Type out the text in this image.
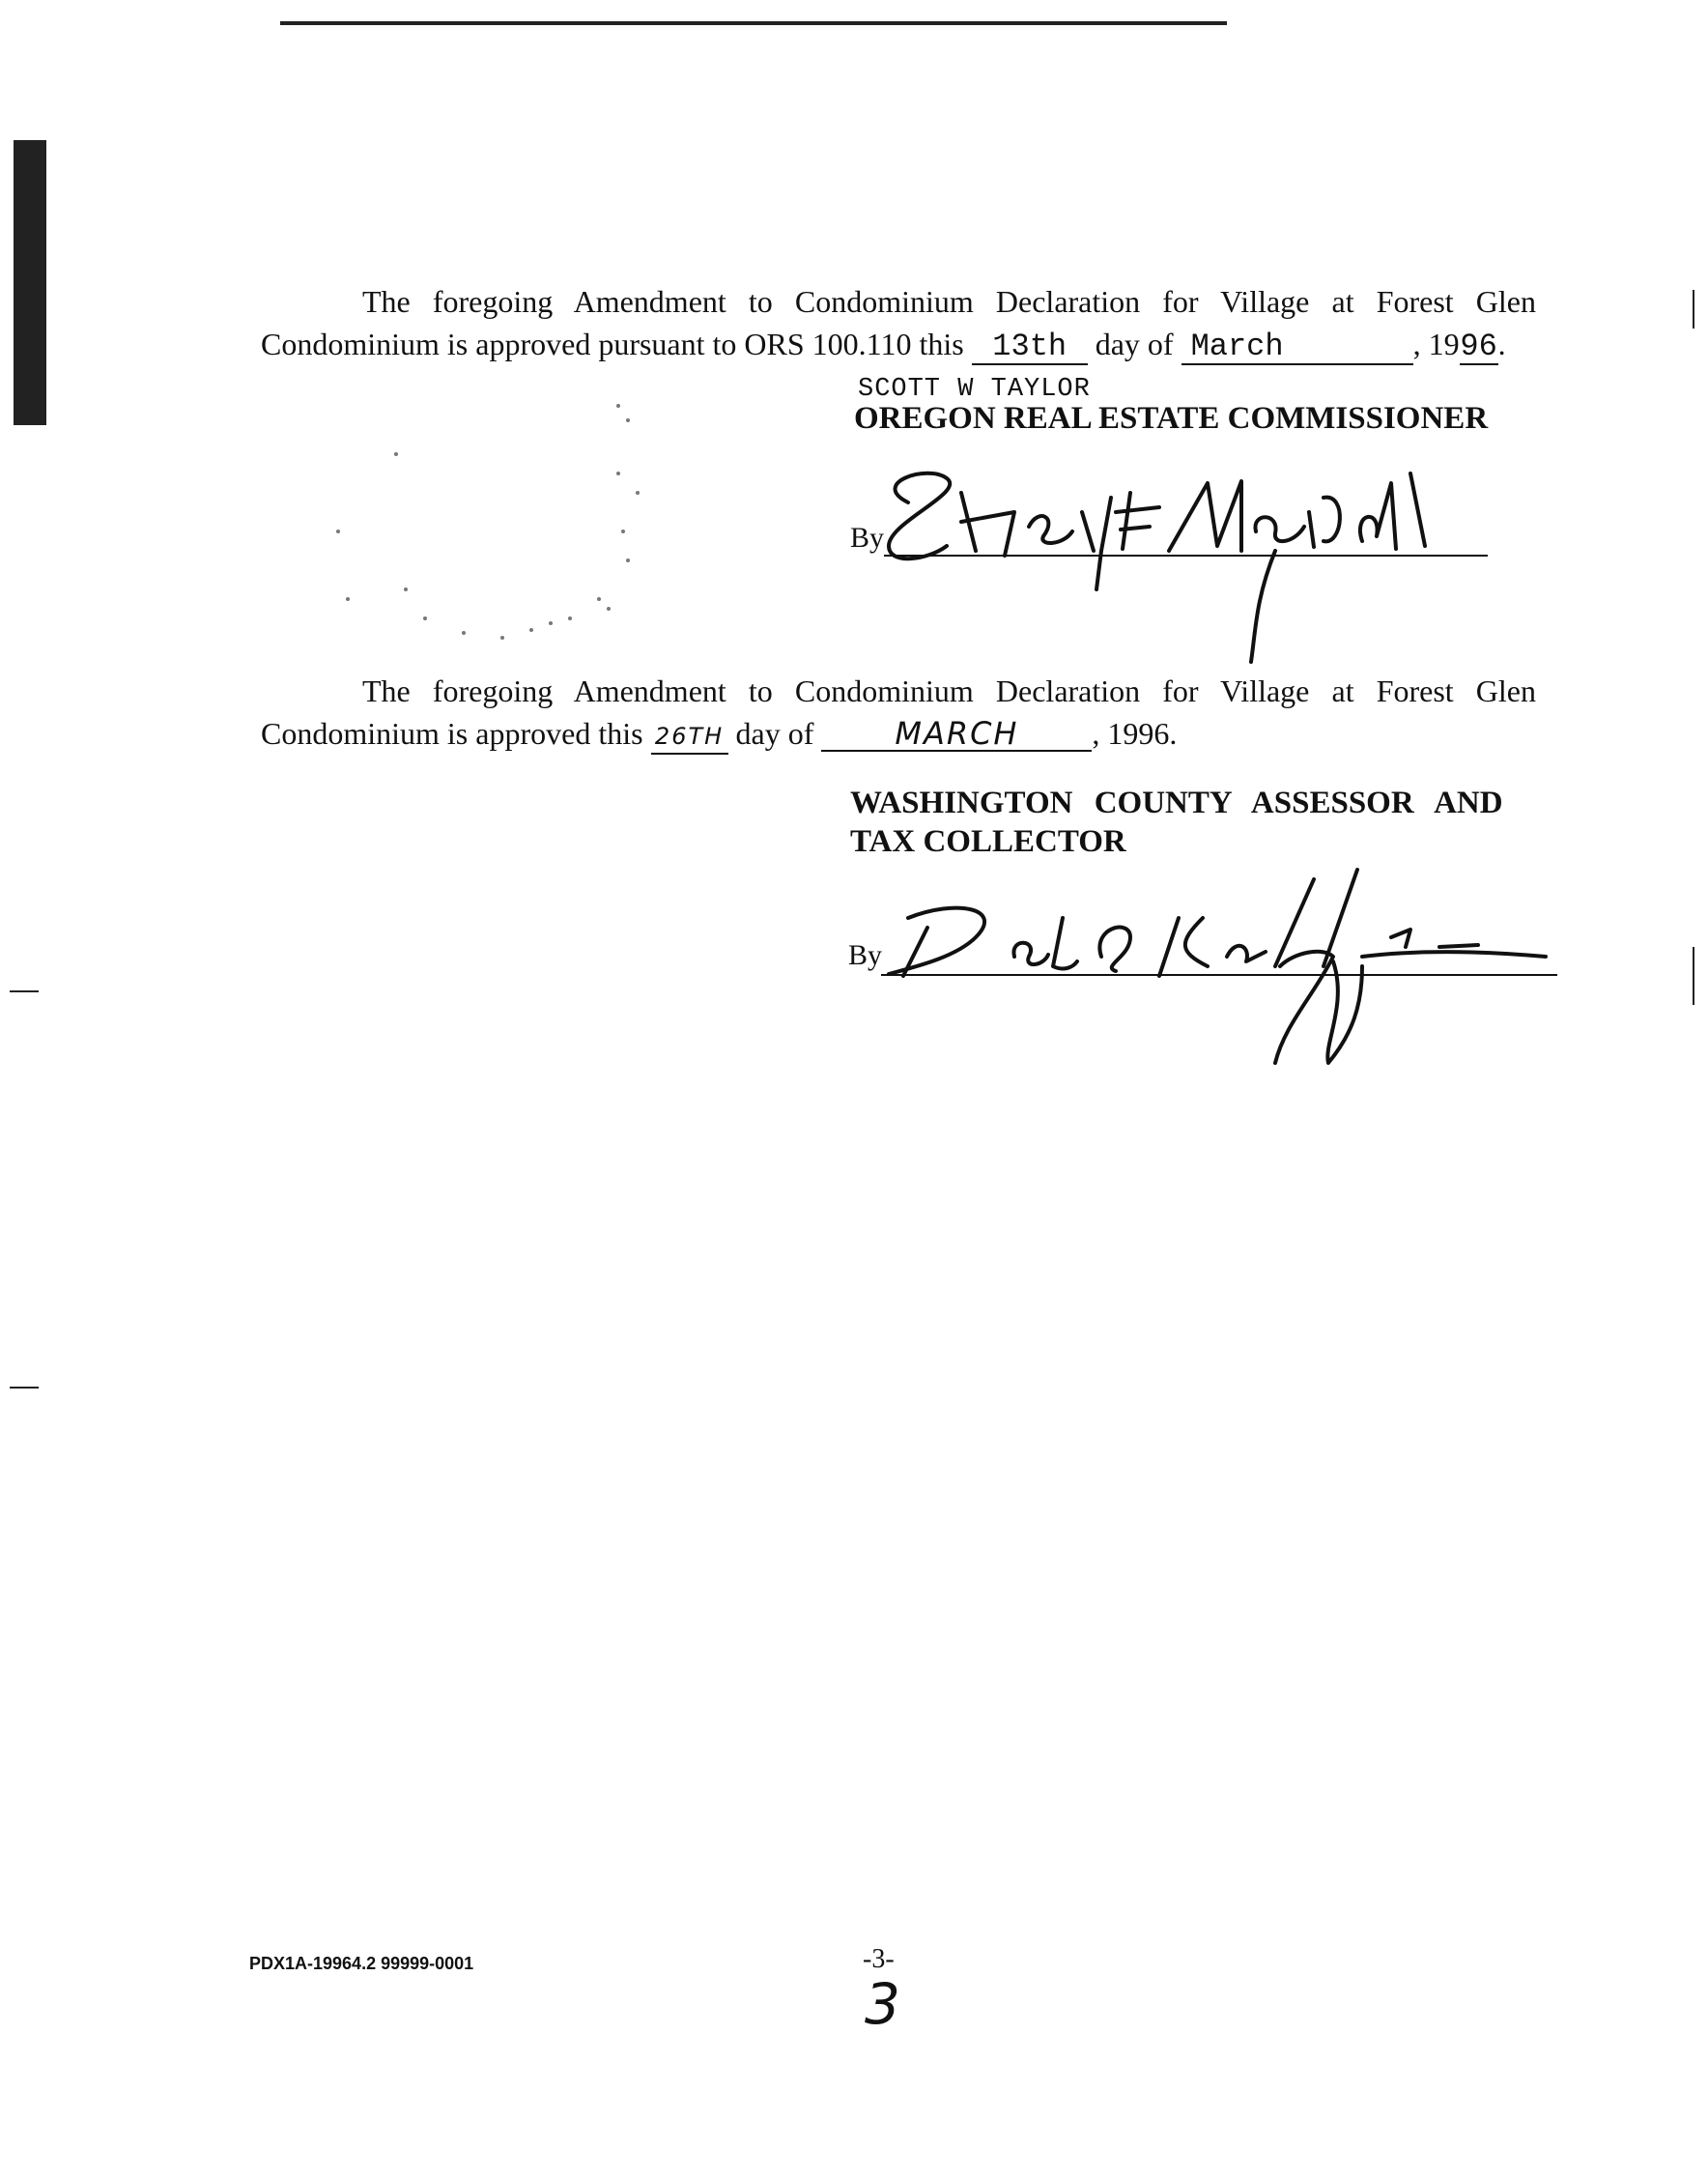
The foregoing Amendment to Condominium Declaration for Village at Forest Glen Condominium is approved pursuant to ORS 100.110 this 13th day of March	, 1996.
SCOTT W TAYLOR
OREGON REAL ESTATE COMMISSIONER
By
The foregoing Amendment to Condominium Declaration for Village at Forest Glen Condominium is approved this 26TH day of	MARCH , 1996.
WASHINGTON COUNTY ASSESSOR AND
TAX COLLECTOR
By
PDX1A-19964.2 99999-0001	-3-
3
